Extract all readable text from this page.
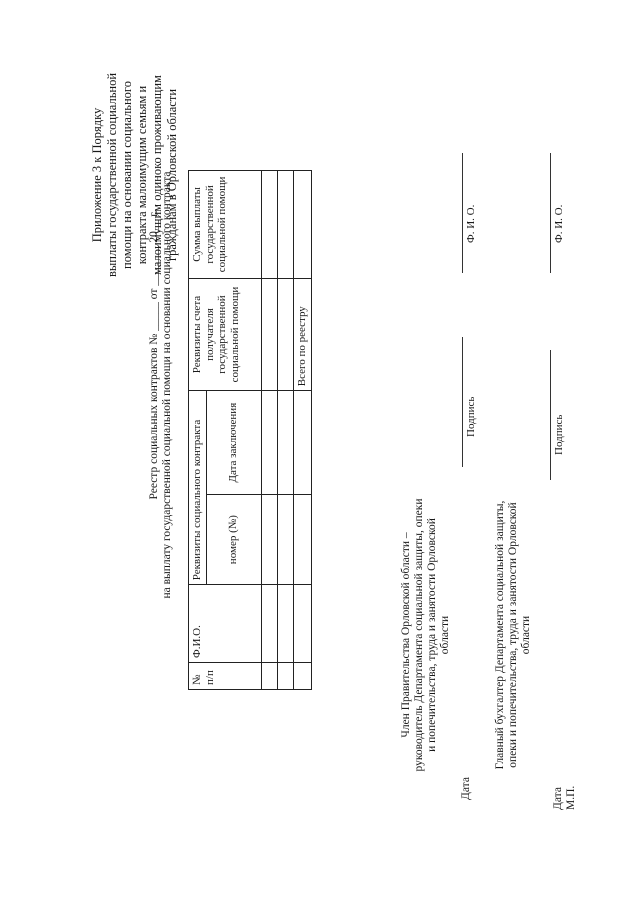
Приложение 3 к Порядку выплаты государственной социальной помощи на основании социального контракта малоимущим семьям и малоимущим одиноко проживающим гражданам в Орловской области
Реестр социальных контрактов № _____ от _______ 20__ г. на выплату государственной социальной помощи на основании социального контракта
№ п/п	Ф.И.О.	Реквизиты социального контракта		Реквизиты счета получателя государственной социальной помощи	Сумма выплаты государственной социальной помощи
		номер (№)	Дата заключения		

				Всего по реестру	
Член Правительства Орловской области – руководитель Департамента социальной защиты, опеки и попечительства, труда и занятости Орловской области
Дата
Подпись
Ф. И. О.
Главный бухгалтер Департамента социальной защиты, опеки и попечительства, труда и занятости Орловской области
Подпись
Ф. И. О.
Дата М.П.
